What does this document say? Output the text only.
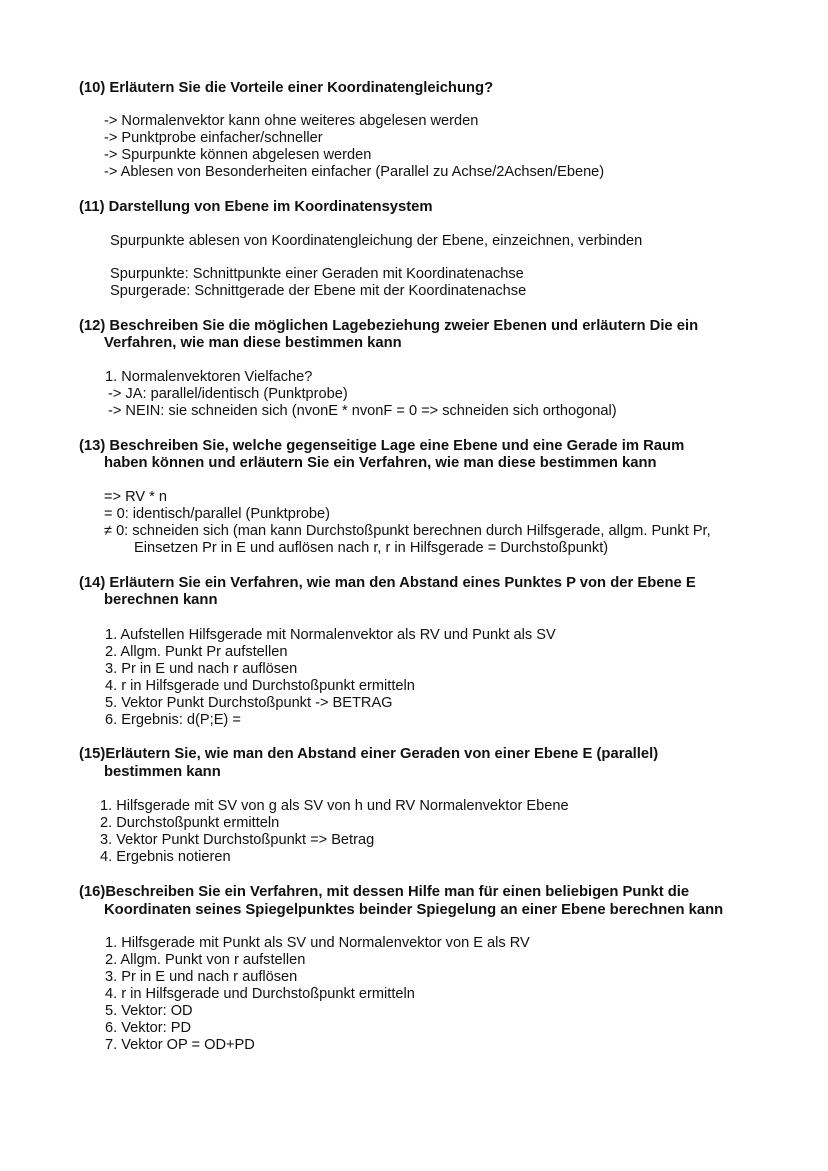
(10) Erläutern Sie die Vorteile einer Koordinatengleichung?
-> Normalenvektor kann ohne weiteres abgelesen werden
-> Punktprobe einfacher/schneller
-> Spurpunkte können abgelesen werden
-> Ablesen von Besonderheiten einfacher (Parallel zu Achse/2Achsen/Ebene)
(11) Darstellung von Ebene im Koordinatensystem
Spurpunkte ablesen von Koordinatengleichung der Ebene, einzeichnen, verbinden
Spurpunkte: Schnittpunkte einer Geraden mit Koordinatenachse
Spurgerade: Schnittgerade der Ebene mit der Koordinatenachse
(12) Beschreiben Sie die möglichen Lagebeziehung zweier Ebenen und erläutern Die ein
Verfahren, wie man diese bestimmen kann
1. Normalenvektoren Vielfache?
-> JA: parallel/identisch (Punktprobe)
-> NEIN: sie schneiden sich (nvonE * nvonF = 0 => schneiden sich orthogonal)
(13) Beschreiben Sie, welche gegenseitige Lage eine Ebene und eine Gerade im Raum
haben können und erläutern Sie ein Verfahren, wie man diese bestimmen kann
=> RV * n
= 0: identisch/parallel (Punktprobe)
≠ 0: schneiden sich (man kann Durchstoßpunkt berechnen durch Hilfsgerade, allgm. Punkt Pr,
Einsetzen Pr in E und auflösen nach r, r in Hilfsgerade = Durchstoßpunkt)
(14) Erläutern Sie ein Verfahren, wie man den Abstand eines Punktes P von der Ebene E
berechnen kann
1. Aufstellen Hilfsgerade mit Normalenvektor als RV und Punkt als SV
2. Allgm. Punkt Pr aufstellen
3. Pr in E und nach r auflösen
4. r in Hilfsgerade und Durchstoßpunkt ermitteln
5. Vektor Punkt Durchstoßpunkt -> BETRAG
6. Ergebnis: d(P;E) =
(15)Erläutern Sie, wie man den Abstand einer Geraden von einer Ebene E (parallel)
bestimmen kann
1. Hilfsgerade mit SV von g als SV von h und RV Normalenvektor Ebene
2. Durchstoßpunkt ermitteln
3. Vektor Punkt Durchstoßpunkt => Betrag
4. Ergebnis notieren
(16)Beschreiben Sie ein Verfahren, mit dessen Hilfe man für einen beliebigen Punkt die
Koordinaten seines Spiegelpunktes beinder Spiegelung an einer Ebene berechnen kann
1. Hilfsgerade mit Punkt als SV und Normalenvektor von E als RV
2. Allgm. Punkt von r aufstellen
3. Pr in E und nach r auflösen
4. r in Hilfsgerade und Durchstoßpunkt ermitteln
5. Vektor: OD
6. Vektor: PD
7. Vektor OP = OD+PD
